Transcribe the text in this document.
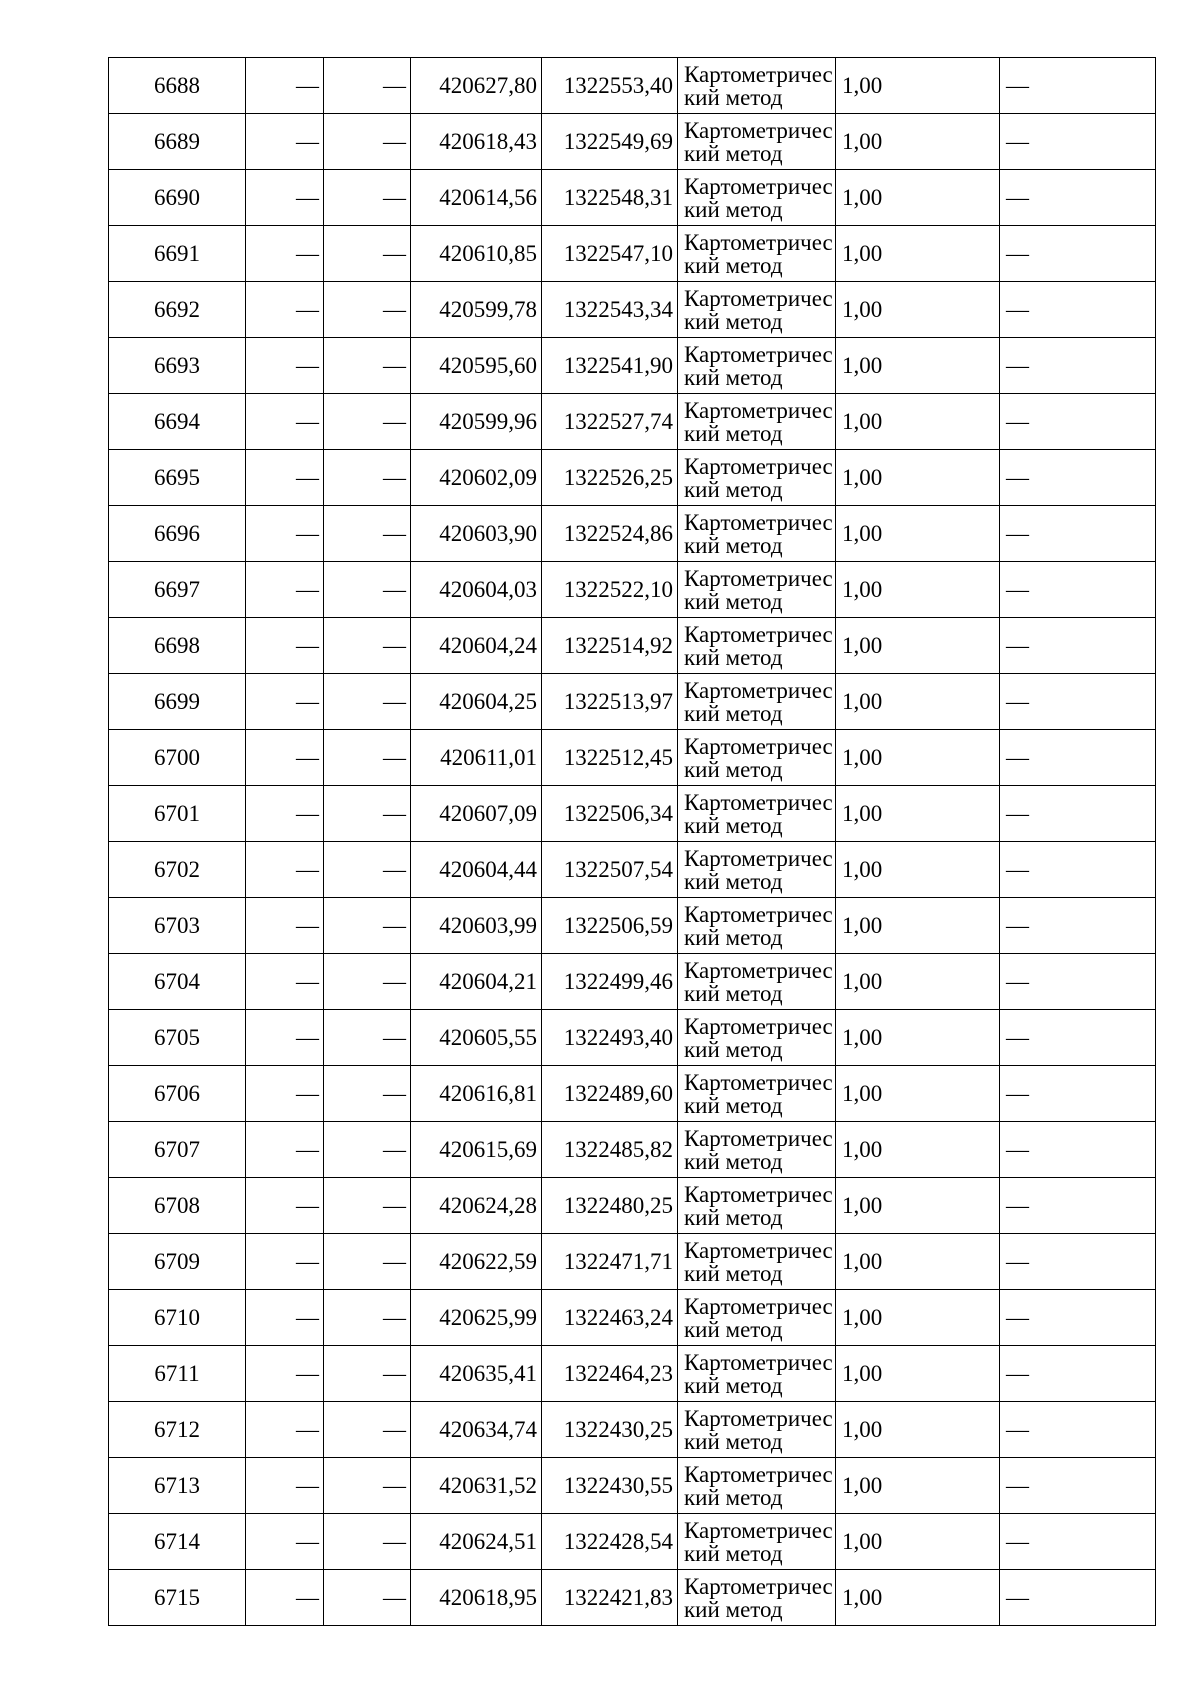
6688	—	—	420627,80	1322553,40	Картометрический метод	1,00	—
6689	—	—	420618,43	1322549,69	Картометрический метод	1,00	—
6690	—	—	420614,56	1322548,31	Картометрический метод	1,00	—
6691	—	—	420610,85	1322547,10	Картометрический метод	1,00	—
6692	—	—	420599,78	1322543,34	Картометрический метод	1,00	—
6693	—	—	420595,60	1322541,90	Картометрический метод	1,00	—
6694	—	—	420599,96	1322527,74	Картометрический метод	1,00	—
6695	—	—	420602,09	1322526,25	Картометрический метод	1,00	—
6696	—	—	420603,90	1322524,86	Картометрический метод	1,00	—
6697	—	—	420604,03	1322522,10	Картометрический метод	1,00	—
6698	—	—	420604,24	1322514,92	Картометрический метод	1,00	—
6699	—	—	420604,25	1322513,97	Картометрический метод	1,00	—
6700	—	—	420611,01	1322512,45	Картометрический метод	1,00	—
6701	—	—	420607,09	1322506,34	Картометрический метод	1,00	—
6702	—	—	420604,44	1322507,54	Картометрический метод	1,00	—
6703	—	—	420603,99	1322506,59	Картометрический метод	1,00	—
6704	—	—	420604,21	1322499,46	Картометрический метод	1,00	—
6705	—	—	420605,55	1322493,40	Картометрический метод	1,00	—
6706	—	—	420616,81	1322489,60	Картометрический метод	1,00	—
6707	—	—	420615,69	1322485,82	Картометрический метод	1,00	—
6708	—	—	420624,28	1322480,25	Картометрический метод	1,00	—
6709	—	—	420622,59	1322471,71	Картометрический метод	1,00	—
6710	—	—	420625,99	1322463,24	Картометрический метод	1,00	—
6711	—	—	420635,41	1322464,23	Картометрический метод	1,00	—
6712	—	—	420634,74	1322430,25	Картометрический метод	1,00	—
6713	—	—	420631,52	1322430,55	Картометрический метод	1,00	—
6714	—	—	420624,51	1322428,54	Картометрический метод	1,00	—
6715	—	—	420618,95	1322421,83	Картометрический метод	1,00	—
